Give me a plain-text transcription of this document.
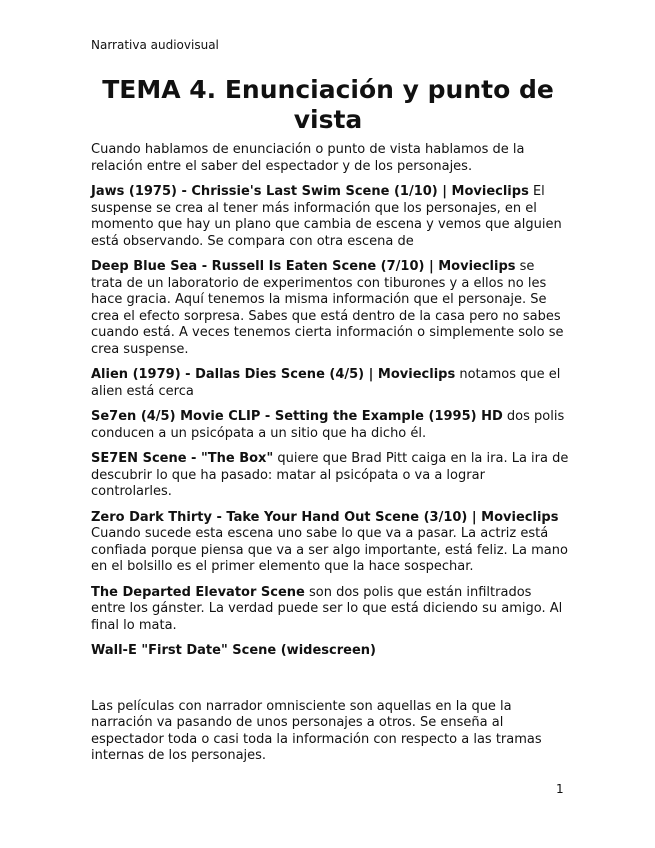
Narrativa audiovisual
TEMA 4. Enunciación y punto de vista

Cuando hablamos de enunciación o punto de vista hablamos de la relación entre el saber del espectador y de los personajes.

Jaws (1975) - Chrissie's Last Swim Scene (1/10) | Movieclips El suspense se crea al tener más información que los personajes, en el momento que hay un plano que cambia de escena y vemos que alguien está observando. Se compara con otra escena de

Deep Blue Sea - Russell Is Eaten Scene (7/10) | Movieclips se trata de un laboratorio de experimentos con tiburones y a ellos no les hace gracia. Aquí tenemos la misma información que el personaje. Se crea el efecto sorpresa. Sabes que está dentro de la casa pero no sabes cuando está. A veces tenemos cierta información o simplemente solo se crea suspense.

Alien (1979) - Dallas Dies Scene (4/5) | Movieclips notamos que el alien está cerca

Se7en (4/5) Movie CLIP - Setting the Example (1995) HD dos polis conducen a un psicópata a un sitio que ha dicho él.

SE7EN Scene - "The Box" quiere que Brad Pitt caiga en la ira. La ira de descubrir lo que ha pasado: matar al psicópata o va a lograr controlarles.

Zero Dark Thirty - Take Your Hand Out Scene (3/10) | Movieclips Cuando sucede esta escena uno sabe lo que va a pasar. La actriz está confiada porque piensa que va a ser algo importante, está feliz. La mano en el bolsillo es el primer elemento que la hace sospechar.

The Departed Elevator Scene son dos polis que están infiltrados entre los gánster. La verdad puede ser lo que está diciendo su amigo. Al final lo mata.

Wall-E "First Date" Scene (widescreen)

Las películas con narrador omnisciente son aquellas en la que la narración va pasando de unos personajes a otros. Se enseña al espectador toda o casi toda la información con respecto a las tramas internas de los personajes.

1
